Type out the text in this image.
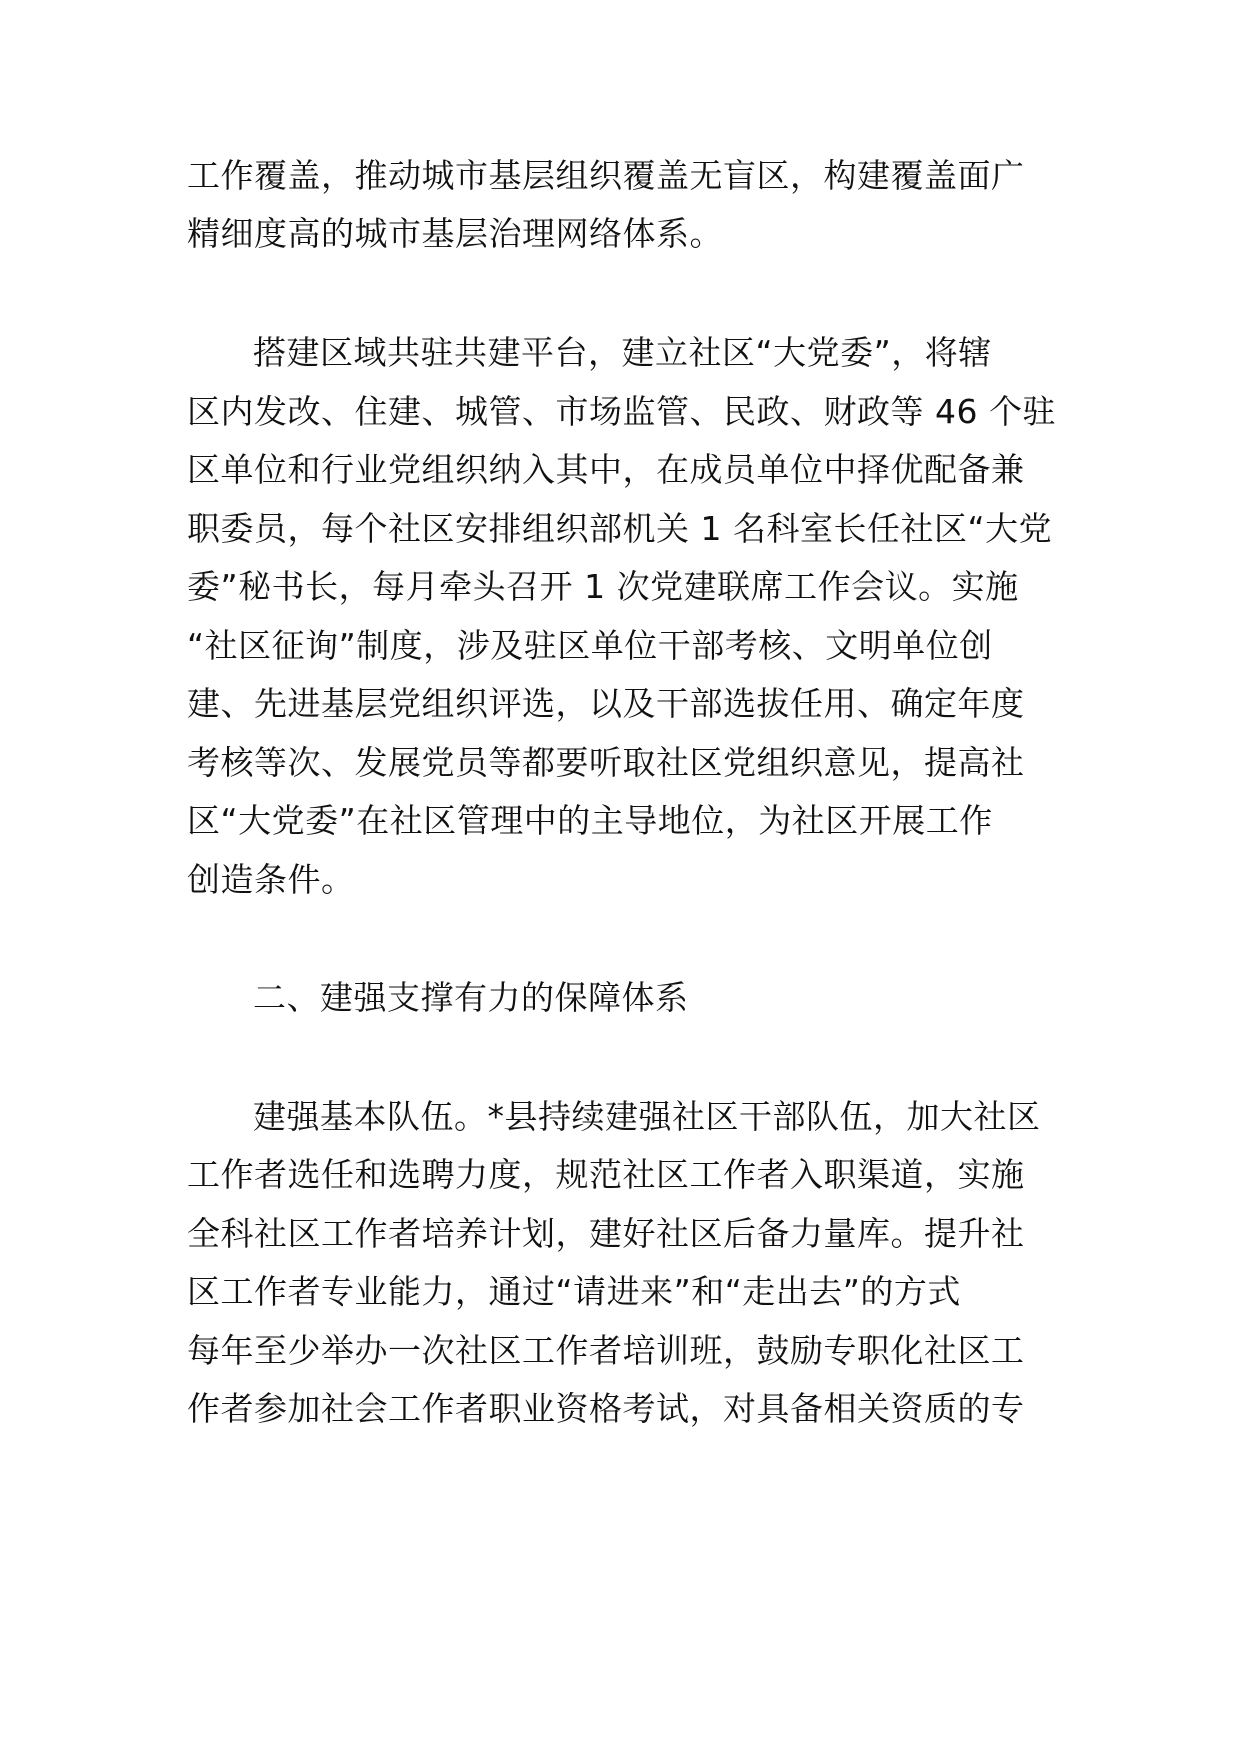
工作覆盖，推动城市基层组织覆盖无盲区，构建覆盖面广
精细度高的城市基层治理网络体系。
搭建区域共驻共建平台，建立社区“大党委”，将辖
区内发改、住建、城管、市场监管、民政、财政等 46 个驻
区单位和行业党组织纳入其中，在成员单位中择优配备兼
职委员，每个社区安排组织部机关 1 名科室长任社区“大党
委”秘书长，每月牵头召开 1 次党建联席工作会议。实施
“社区征询”制度，涉及驻区单位干部考核、文明单位创
建、先进基层党组织评选，以及干部选拔任用、确定年度
考核等次、发展党员等都要听取社区党组织意见，提高社
区“大党委”在社区管理中的主导地位，为社区开展工作
创造条件。
二、建强支撑有力的保障体系
建强基本队伍。*县持续建强社区干部队伍，加大社区
工作者选任和选聘力度，规范社区工作者入职渠道，实施
全科社区工作者培养计划，建好社区后备力量库。提升社
区工作者专业能力，通过“请进来”和“走出去”的方式
每年至少举办一次社区工作者培训班，鼓励专职化社区工
作者参加社会工作者职业资格考试，对具备相关资质的专
